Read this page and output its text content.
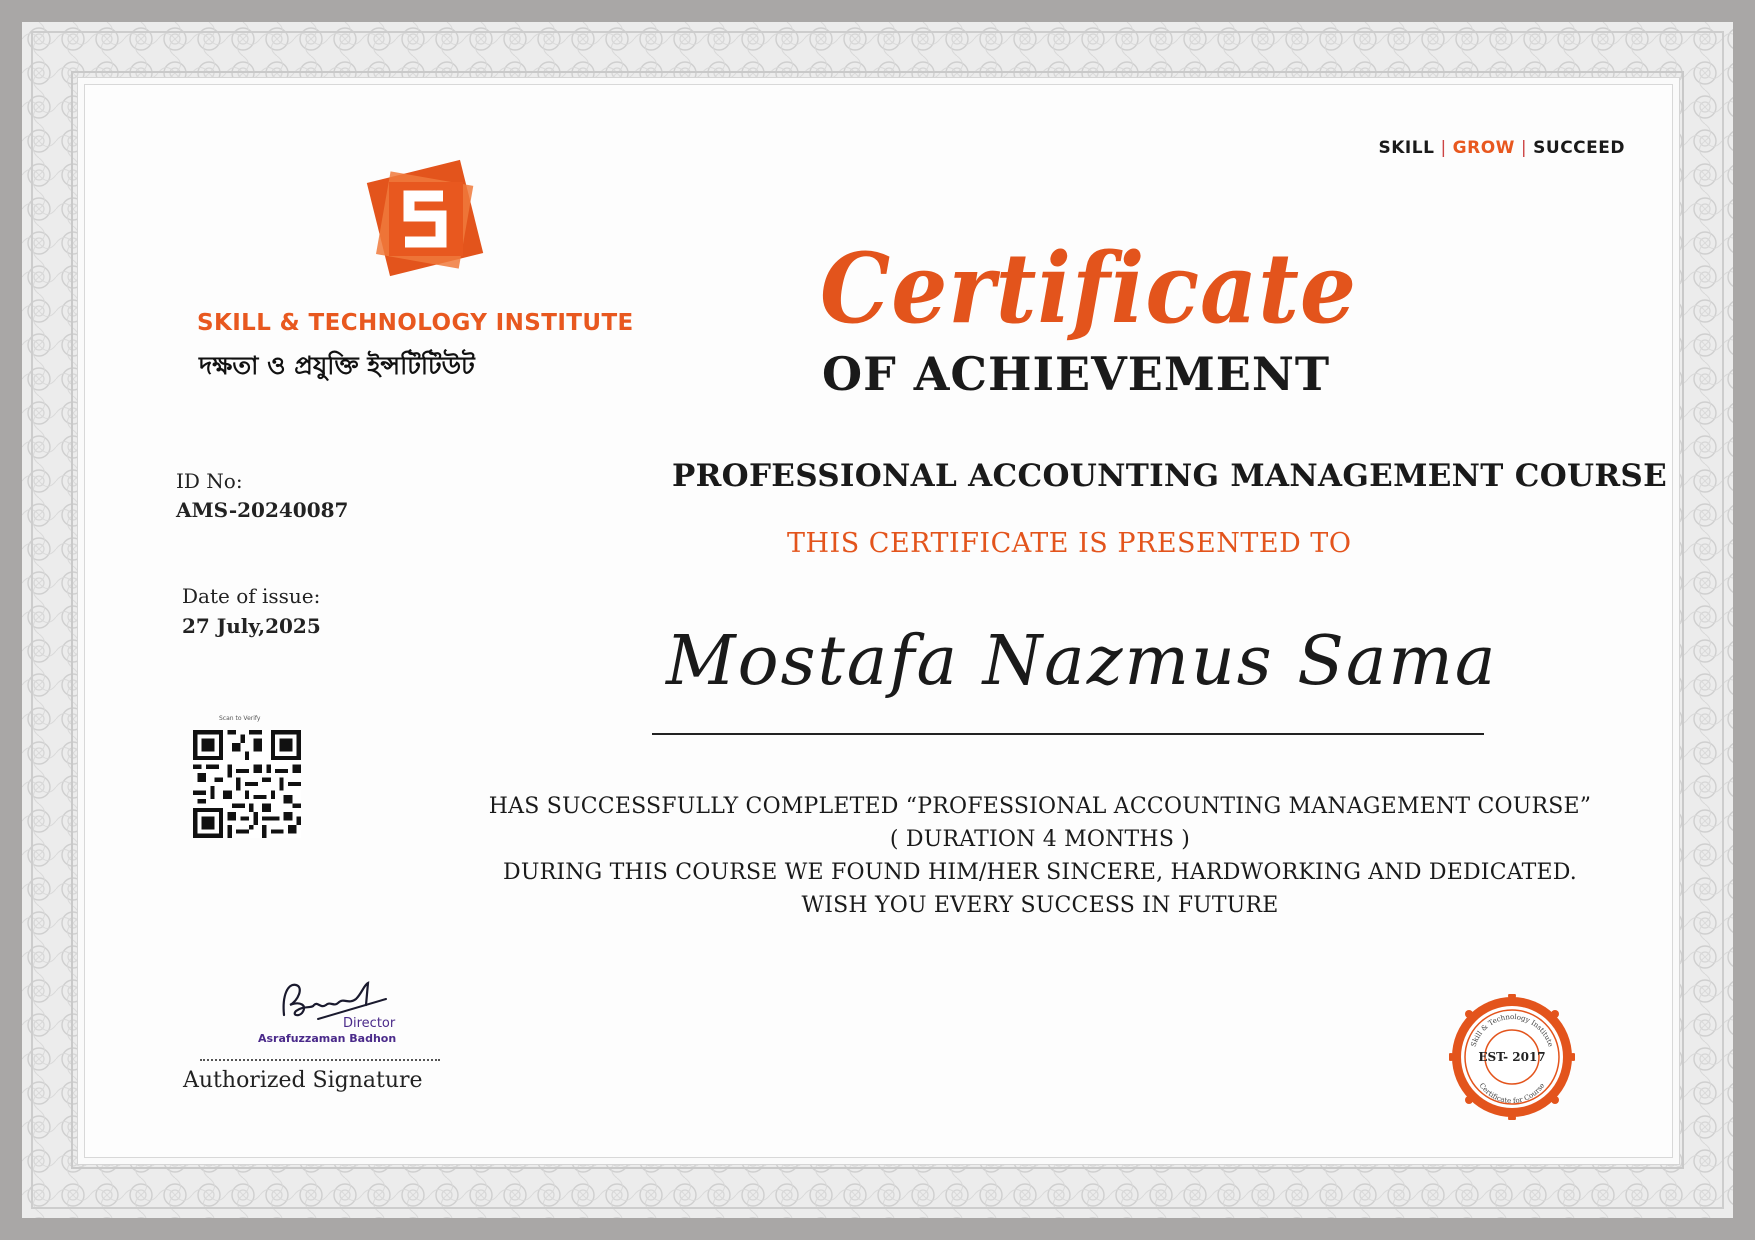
SKILL | GROW | SUCCEED
SKILL & TECHNOLOGY INSTITUTE
দক্ষতা ও প্রযুক্তি ইন্সটিটিউট
Certificate
OF ACHIEVEMENT
ID No:
AMS-20240087
Date of issue:
27 July,2025
Scan to Verify
PROFESSIONAL ACCOUNTING MANAGEMENT COURSE
THIS CERTIFICATE IS PRESENTED TO
Mostafa Nazmus Sama
HAS SUCCESSFULLY COMPLETED “PROFESSIONAL ACCOUNTING MANAGEMENT COURSE”
( DURATION 4 MONTHS )
DURING THIS COURSE WE FOUND HIM/HER SINCERE, HARDWORKING AND DEDICATED.
WISH YOU EVERY SUCCESS IN FUTURE
Director
Asrafuzzaman Badhon
Authorized Signature
Skill & Technology Institute
Certificate for Course
EST- 2017
